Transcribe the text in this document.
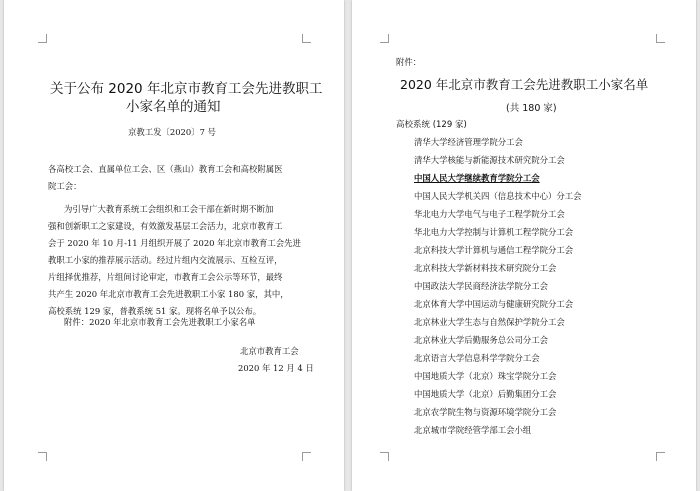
关于公布 2020 年北京市教育工会先进教职工
小家名单的通知
京教工发〔2020〕7 号
各高校工会、直属单位工会、区（燕山）教育工会和高校附属医
院工会：
为引导广大教育系统工会组织和工会干部在新时期不断加
强和创新职工之家建设，有效激发基层工会活力，北京市教育工
会于 2020 年 10 月-11 月组织开展了 2020 年北京市教育工会先进
教职工小家的推荐展示活动。经过片组内交流展示、互检互评，
片组择优推荐，片组间讨论审定，市教育工会公示等环节，最终
共产生 2020 年北京市教育工会先进教职工小家 180 家，其中，
高校系统 129 家，普教系统 51 家。现将名单予以公布。
附件：2020 年北京市教育工会先进教职工小家名单
北京市教育工会
2020 年 12 月 4 日
附件：
2020 年北京市教育工会先进教职工小家名单
(共 180 家)
高校系统 (129 家)
清华大学经济管理学院分工会
清华大学核能与新能源技术研究院分工会
中国人民大学继续教育学院分工会
中国人民大学机关四（信息技术中心）分工会
华北电力大学电气与电子工程学院分工会
华北电力大学控制与计算机工程学院分工会
北京科技大学计算机与通信工程学院分工会
北京科技大学新材料技术研究院分工会
中国政法大学民商经济法学院分工会
北京体育大学中国运动与健康研究院分工会
北京林业大学生态与自然保护学院分工会
北京林业大学后勤服务总公司分工会
北京语言大学信息科学学院分工会
中国地质大学（北京）珠宝学院分工会
中国地质大学（北京）后勤集团分工会
北京农学院生物与资源环境学院分工会
北京城市学院经管学部工会小组
